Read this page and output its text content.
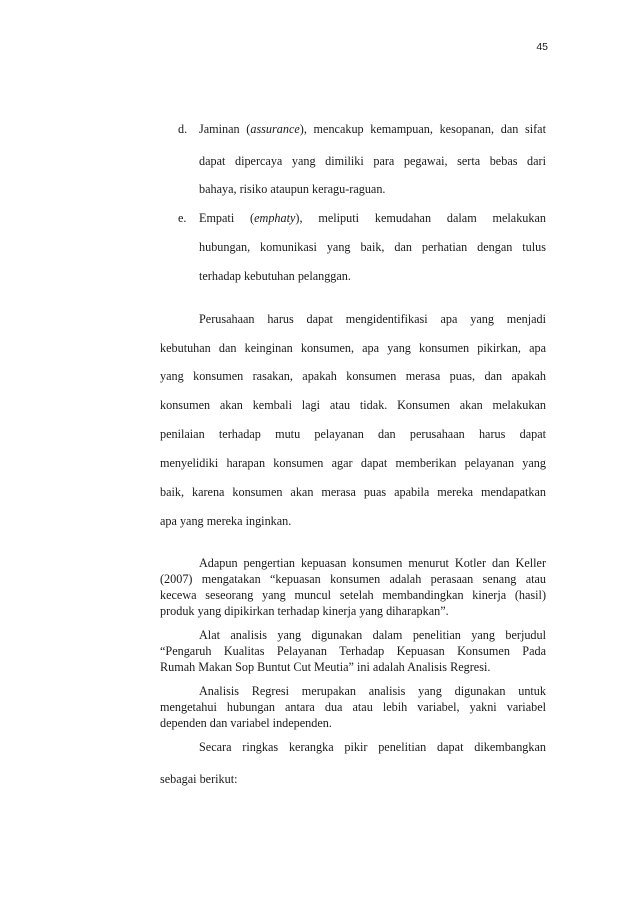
45
d. Jaminan (assurance), mencakup kemampuan, kesopanan, dan sifat
dapat dipercaya yang dimiliki para pegawai, serta bebas dari
bahaya, risiko ataupun keragu-raguan.
e. Empati (emphaty), meliputi kemudahan dalam melakukan
hubungan, komunikasi yang baik, dan perhatian dengan tulus
terhadap kebutuhan pelanggan.
Perusahaan harus dapat mengidentifikasi apa yang menjadi
kebutuhan dan keinginan konsumen, apa yang konsumen pikirkan, apa
yang konsumen rasakan, apakah konsumen merasa puas, dan apakah
konsumen akan kembali lagi atau tidak. Konsumen akan melakukan
penilaian terhadap mutu pelayanan dan perusahaan harus dapat
menyelidiki harapan konsumen agar dapat memberikan pelayanan yang
baik, karena konsumen akan merasa puas apabila mereka mendapatkan
apa yang mereka inginkan.
Adapun pengertian kepuasan konsumen menurut Kotler dan Keller
(2007) mengatakan “kepuasan konsumen adalah perasaan senang atau
kecewa seseorang yang muncul setelah membandingkan kinerja (hasil)
produk yang dipikirkan terhadap kinerja yang diharapkan”.
Alat analisis yang digunakan dalam penelitian yang berjudul
“Pengaruh Kualitas Pelayanan Terhadap Kepuasan Konsumen Pada
Rumah Makan Sop Buntut Cut Meutia” ini adalah Analisis Regresi.
Analisis Regresi merupakan analisis yang digunakan untuk
mengetahui hubungan antara dua atau lebih variabel, yakni variabel
dependen dan variabel independen.
Secara ringkas kerangka pikir penelitian dapat dikembangkan
sebagai berikut:
